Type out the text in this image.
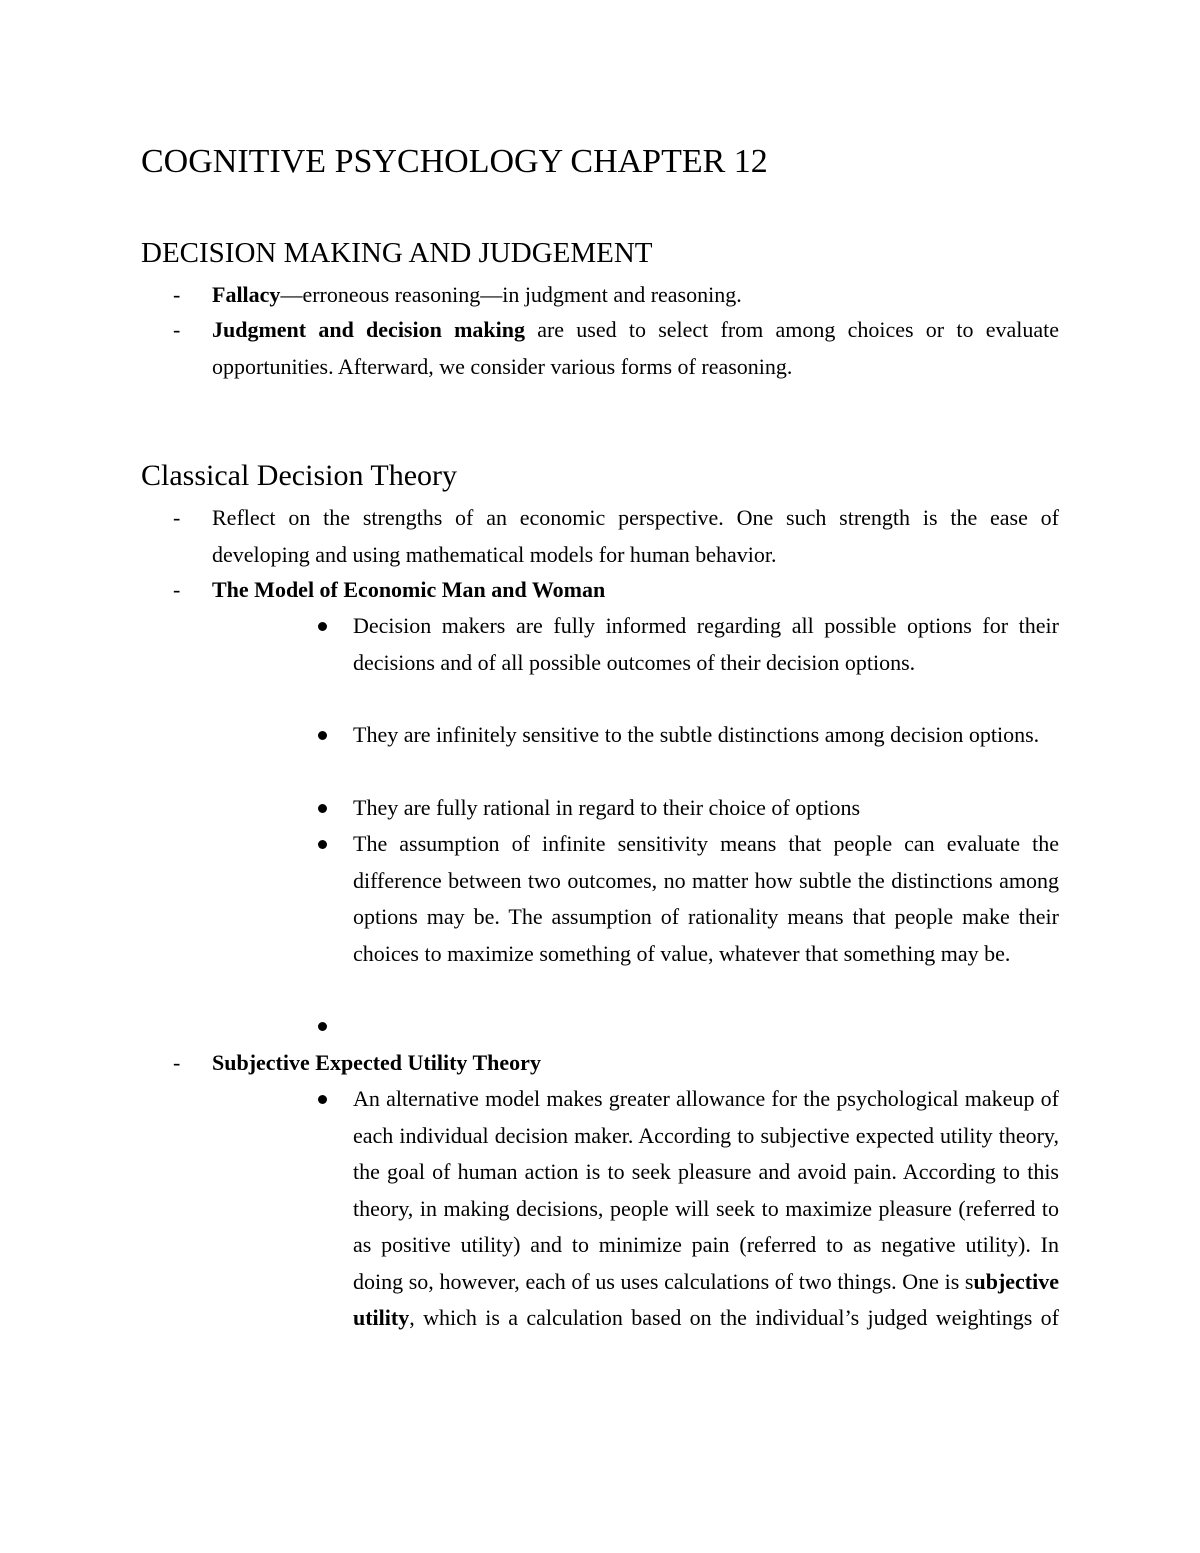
COGNITIVE PSYCHOLOGY CHAPTER 12
DECISION MAKING AND JUDGEMENT
-	Fallacy—erroneous reasoning—in judgment and reasoning.
-	Judgment and decision making are used to select from among choices or to evaluate opportunities. Afterward, we consider various forms of reasoning.
Classical Decision Theory
-	Reflect on the strengths of an economic perspective. One such strength is the ease of developing and using mathematical models for human behavior.
-	The Model of Economic Man and Woman
Decision makers are fully informed regarding all possible options for their decisions and of all possible outcomes of their decision options.
They are infinitely sensitive to the subtle distinctions among decision options.
They are fully rational in regard to their choice of options
The assumption of infinite sensitivity means that people can evaluate the difference between two outcomes, no matter how subtle the distinctions among options may be. The assumption of rationality means that people make their choices to maximize something of value, whatever that something may be.
-	Subjective Expected Utility Theory
An alternative model makes greater allowance for the psychological makeup of each individual decision maker. According to subjective expected utility theory, the goal of human action is to seek pleasure and avoid pain. According to this theory, in making decisions, people will seek to maximize pleasure (referred to as positive utility) and to minimize pain (referred to as negative utility). In doing so, however, each of us uses calculations of two things. One is subjective utility, which is a calculation based on the individual’s judged weightings of
